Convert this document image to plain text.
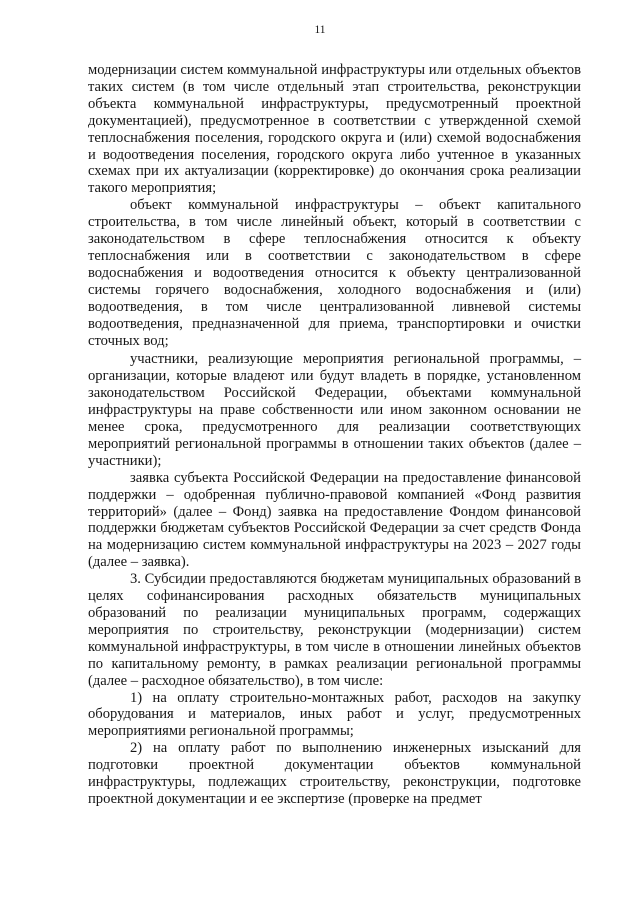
11

модернизации систем коммунальной инфраструктуры или отдельных объектов таких систем (в том числе отдельный этап строительства, реконструкции объекта коммунальной инфраструктуры, предусмотренный проектной документацией), предусмотренное в соответствии с утвержденной схемой теплоснабжения поселения, городского округа и (или) схемой водоснабжения и водоотведения поселения, городского округа либо учтенное в указанных схемах при их актуализации (корректировке) до окончания срока реализации такого мероприятия;

объект коммунальной инфраструктуры – объект капитального строительства, в том числе линейный объект, который в соответствии с законодательством в сфере теплоснабжения относится к объекту теплоснабжения или в соответствии с законодательством в сфере водоснабжения и водоотведения относится к объекту централизованной системы горячего водоснабжения, холодного водоснабжения и (или) водоотведения, в том числе централизованной ливневой системы водоотведения, предназначенной для приема, транспортировки и очистки сточных вод;

участники, реализующие мероприятия региональной программы, – организации, которые владеют или будут владеть в порядке, установленном законодательством Российской Федерации, объектами коммунальной инфраструктуры на праве собственности или ином законном основании не менее срока, предусмотренного для реализации соответствующих мероприятий региональной программы в отношении таких объектов (далее – участники);

заявка субъекта Российской Федерации на предоставление финансовой поддержки – одобренная публично-правовой компанией «Фонд развития территорий» (далее – Фонд) заявка на предоставление Фондом финансовой поддержки бюджетам субъектов Российской Федерации за счет средств Фонда на модернизацию систем коммунальной инфраструктуры на 2023 – 2027 годы (далее – заявка).

3. Субсидии предоставляются бюджетам муниципальных образований в целях софинансирования расходных обязательств муниципальных образований по реализации муниципальных программ, содержащих мероприятия по строительству, реконструкции (модернизации) систем коммунальной инфраструктуры, в том числе в отношении линейных объектов по капитальному ремонту, в рамках реализации региональной программы (далее – расходное обязательство), в том числе:

1) на оплату строительно-монтажных работ, расходов на закупку оборудования и материалов, иных работ и услуг, предусмотренных мероприятиями региональной программы;

2) на оплату работ по выполнению инженерных изысканий для подготовки проектной документации объектов коммунальной инфраструктуры, подлежащих строительству, реконструкции, подготовке проектной документации и ее экспертизе (проверке на предмет
